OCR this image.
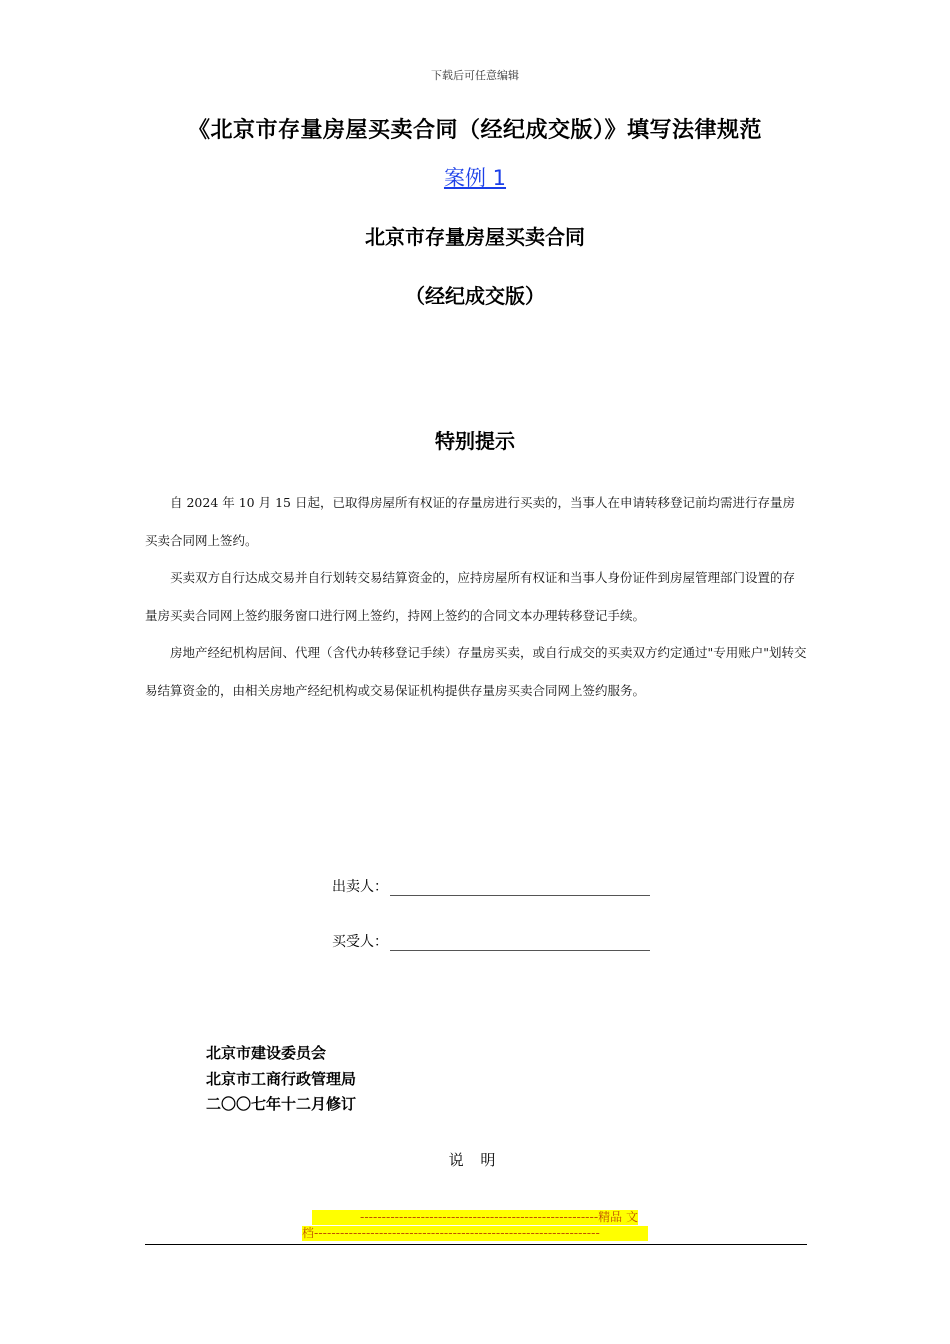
下载后可任意编辑
《北京市存量房屋买卖合同（经纪成交版）》填写法律规范
案例 1
北京市存量房屋买卖合同
（经纪成交版）
特别提示

自 2024 年 10 月 15 日起，已取得房屋所有权证的存量房进行买卖的，当事人在申请转移登记前均需进行存量房买卖合同网上签约。

买卖双方自行达成交易并自行划转交易结算资金的，应持房屋所有权证和当事人身份证件到房屋管理部门设置的存量房买卖合同网上签约服务窗口进行网上签约，持网上签约的合同文本办理转移登记手续。

房地产经纪机构居间、代理（含代办转移登记手续）存量房买卖，或自行成交的买卖双方约定通过"专用账户"划转交易结算资金的，由相关房地产经纪机构或交易保证机构提供存量房买卖合同网上签约服务。

出卖人：
买受人：
北京市建设委员会
北京市工商行政管理局
二〇〇七年十二月修订
说 明
-------------------------------------------------------精品 文
档------------------------------------------------------------------
